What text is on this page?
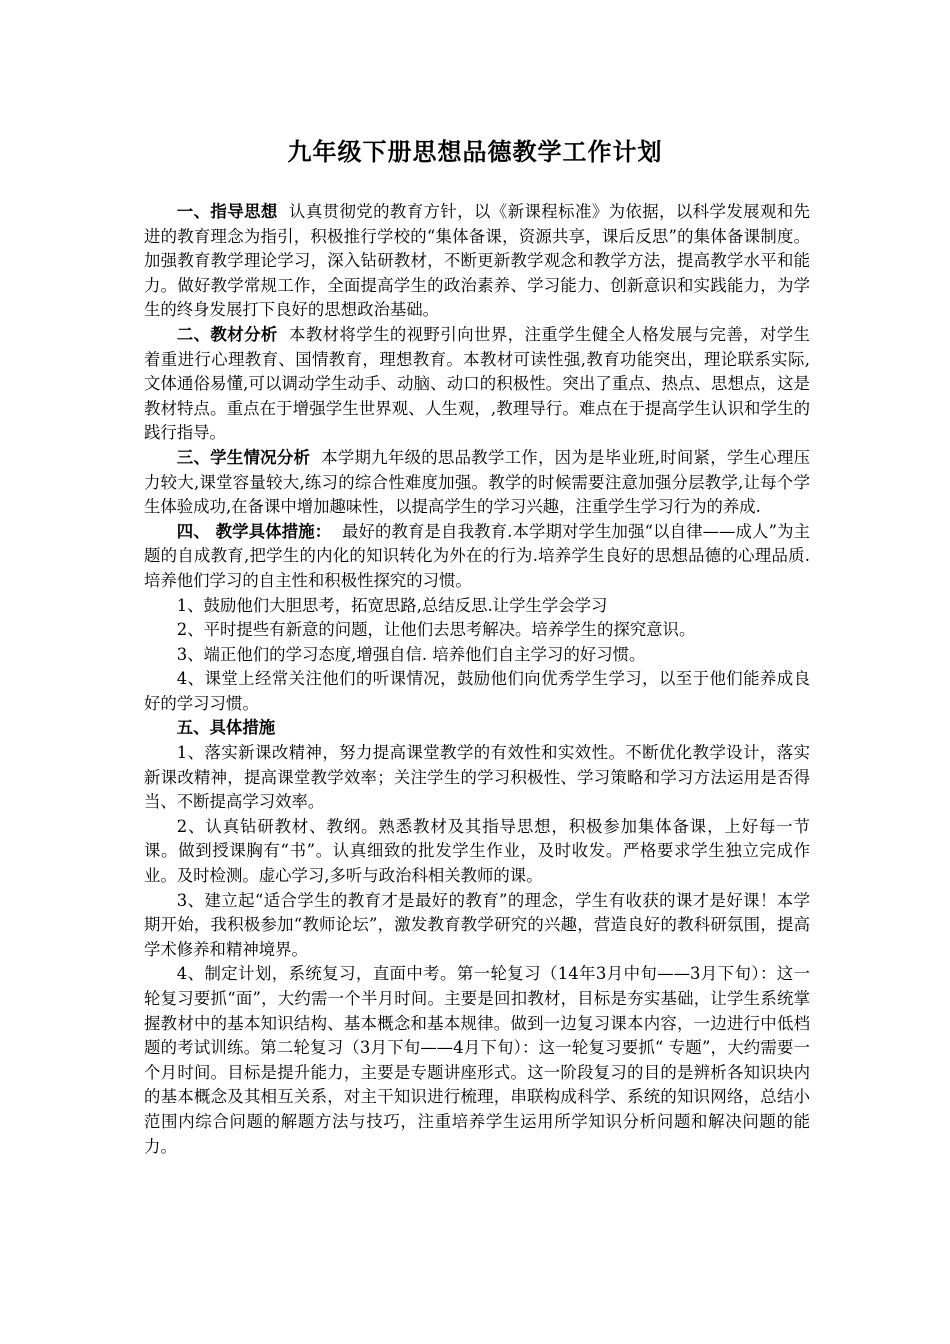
九年级下册思想品德教学工作计划

一、指导思想 认真贯彻党的教育方针，以《新课程标准》为依据，以科学发展观和先进的教育理念为指引，积极推行学校的“集体备课，资源共享，课后反思”的集体备课制度。加强教育教学理论学习，深入钻研教材，不断更新教学观念和教学方法，提高教学水平和能力。做好教学常规工作，全面提高学生的政治素养、学习能力、创新意识和实践能力，为学生的终身发展打下良好的思想政治基础。

二、教材分析 本教材将学生的视野引向世界，注重学生健全人格发展与完善，对学生着重进行心理教育、国情教育，理想教育。本教材可读性强,教育功能突出，理论联系实际,文体通俗易懂,可以调动学生动手、动脑、动口的积极性。突出了重点、热点、思想点，这是教材特点。重点在于增强学生世界观、人生观，,教理导行。难点在于提高学生认识和学生的践行指导。

三、学生情况分析 本学期九年级的思品教学工作，因为是毕业班,时间紧，学生心理压力较大,课堂容量较大,练习的综合性难度加强。教学的时候需要注意加强分层教学,让每个学生体验成功,在备课中增加趣味性，以提高学生的学习兴趣，注重学生学习行为的养成.

四、 教学具体措施： 最好的教育是自我教育.本学期对学生加强“以自律——成人”为主题的自成教育,把学生的内化的知识转化为外在的行为.培养学生良好的思想品德的心理品质.培养他们学习的自主性和积极性探究的习惯。

1、鼓励他们大胆思考，拓宽思路,总结反思.让学生学会学习

2、平时提些有新意的问题，让他们去思考解决。培养学生的探究意识。

3、端正他们的学习态度,增强自信. 培养他们自主学习的好习惯。

4、课堂上经常关注他们的听课情况，鼓励他们向优秀学生学习，以至于他们能养成良好的学习习惯。

五、具体措施

1、落实新课改精神，努力提高课堂教学的有效性和实效性。不断优化教学设计，落实新课改精神，提高课堂教学效率；关注学生的学习积极性、学习策略和学习方法运用是否得当、不断提高学习效率。

2、认真钻研教材、教纲。熟悉教材及其指导思想，积极参加集体备课，上好每一节课。做到授课胸有“书”。认真细致的批发学生作业，及时收发。严格要求学生独立完成作业。及时检测。虚心学习,多听与政治科相关教师的课。

3、建立起“适合学生的教育才是最好的教育”的理念，学生有收获的课才是好课！本学期开始，我积极参加“教师论坛”，激发教育教学研究的兴趣，营造良好的教科研氛围，提高学术修养和精神境界。

4、制定计划，系统复习，直面中考。第一轮复习（14年3月中旬——3月下旬）：这一轮复习要抓“面”，大约需一个半月时间。主要是回扣教材，目标是夯实基础，让学生系统掌握教材中的基本知识结构、基本概念和基本规律。做到一边复习课本内容，一边进行中低档题的考试训练。第二轮复习（3月下旬——4月下旬）：这一轮复习要抓“ 专题”，大约需要一个月时间。目标是提升能力，主要是专题讲座形式。这一阶段复习的目的是辨析各知识块内的基本概念及其相互关系，对主干知识进行梳理，串联构成科学、系统的知识网络，总结小范围内综合问题的解题方法与技巧，注重培养学生运用所学知识分析问题和解决问题的能力。
